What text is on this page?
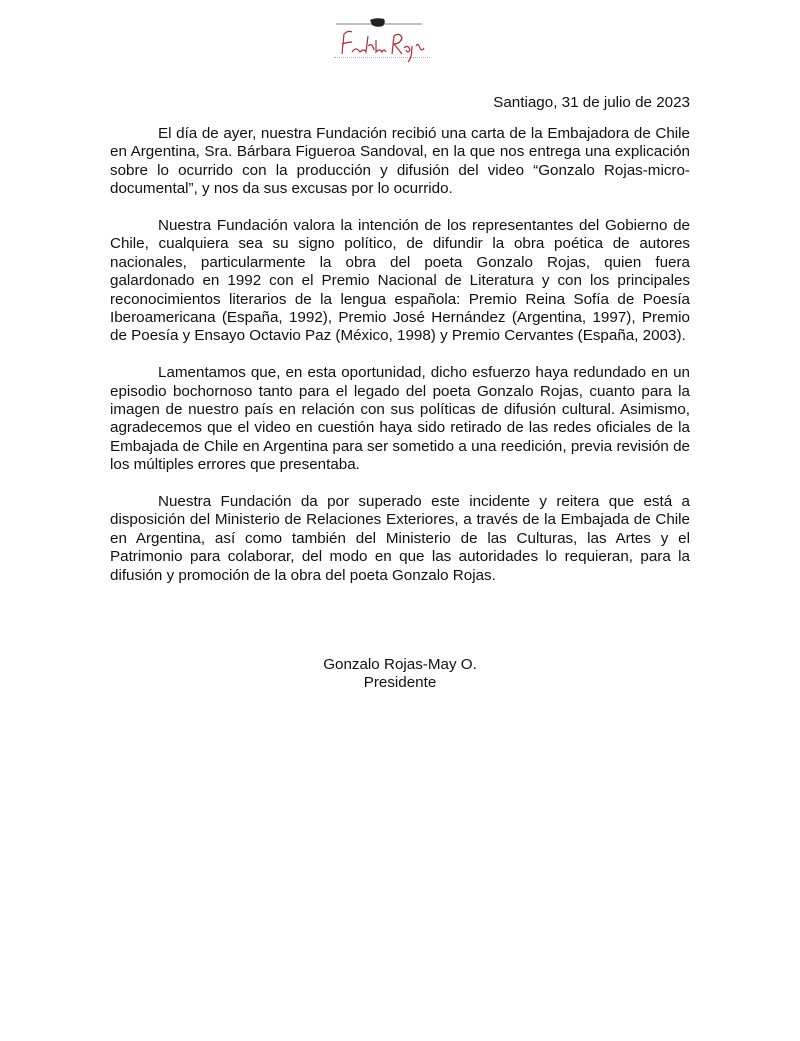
Santiago, 31 de julio de 2023

El día de ayer, nuestra Fundación recibió una carta de la Embajadora de Chile en Argentina, Sra. Bárbara Figueroa Sandoval, en la que nos entrega una explicación sobre lo ocurrido con la producción y difusión del video “Gonzalo Rojas-micro-documental”, y nos da sus excusas por lo ocurrido.

Nuestra Fundación valora la intención de los representantes del Gobierno de Chile, cualquiera sea su signo político, de difundir la obra poética de autores nacionales, particularmente la obra del poeta Gonzalo Rojas, quien fuera galardonado en 1992 con el Premio Nacional de Literatura y con los principales reconocimientos literarios de la lengua española: Premio Reina Sofía de Poesía Iberoamericana (España, 1992), Premio José Hernández (Argentina, 1997), Premio de Poesía y Ensayo Octavio Paz (México, 1998) y Premio Cervantes (España, 2003).

Lamentamos que, en esta oportunidad, dicho esfuerzo haya redundado en un episodio bochornoso tanto para el legado del poeta Gonzalo Rojas, cuanto para la imagen de nuestro país en relación con sus políticas de difusión cultural. Asimismo, agradecemos que el video en cuestión haya sido retirado de las redes oficiales de la Embajada de Chile en Argentina para ser sometido a una reedición, previa revisión de los múltiples errores que presentaba.

Nuestra Fundación da por superado este incidente y reitera que está a disposición del Ministerio de Relaciones Exteriores, a través de la Embajada de Chile en Argentina, así como también del Ministerio de las Culturas, las Artes y el Patrimonio para colaborar, del modo en que las autoridades lo requieran, para la difusión y promoción de la obra del poeta Gonzalo Rojas.

Gonzalo Rojas-May O.
Presidente
